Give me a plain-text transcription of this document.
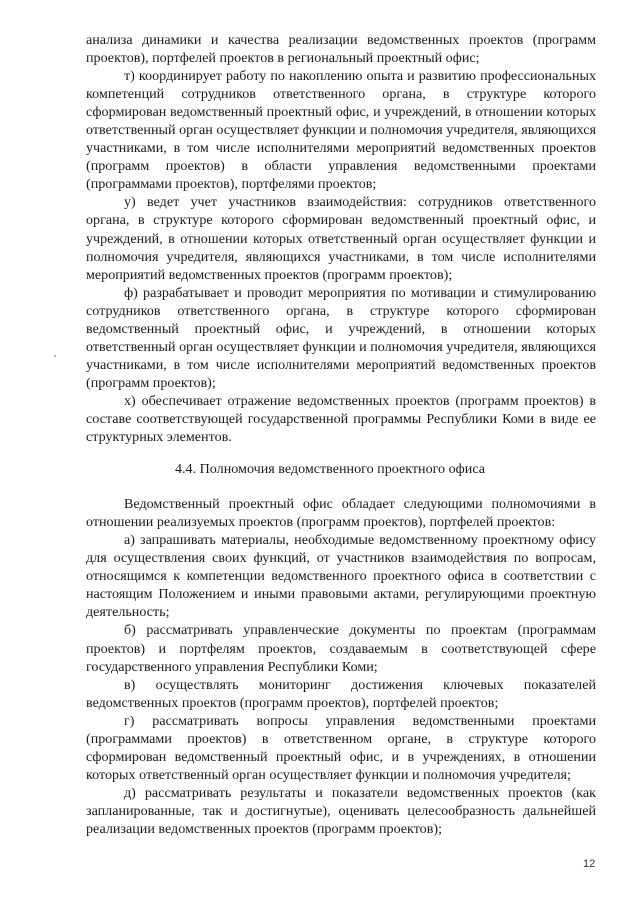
анализа динамики и качества реализации ведомственных проектов (программ проектов), портфелей проектов в региональный проектный офис;

т) координирует работу по накоплению опыта и развитию профессиональных компетенций сотрудников ответственного органа, в структуре которого сформирован ведомственный проектный офис, и учреждений, в отношении которых ответственный орган осуществляет функции и полномочия учредителя, являющихся участниками, в том числе исполнителями мероприятий ведомственных проектов (программ проектов) в области управления ведомственными проектами (программами проектов), портфелями проектов;

у) ведет учет участников взаимодействия: сотрудников ответственного органа, в структуре которого сформирован ведомственный проектный офис, и учреждений, в отношении которых ответственный орган осуществляет функции и полномочия учредителя, являющихся участниками, в том числе исполнителями мероприятий ведомственных проектов (программ проектов);

ф) разрабатывает и проводит мероприятия по мотивации и стимулированию сотрудников ответственного органа, в структуре которого сформирован ведомственный проектный офис, и учреждений, в отношении которых ответственный орган осуществляет функции и полномочия учредителя, являющихся участниками, в том числе исполнителями мероприятий ведомственных проектов (программ проектов);

х) обеспечивает отражение ведомственных проектов (программ проектов) в составе соответствующей государственной программы Республики Коми в виде ее структурных элементов.

4.4. Полномочия ведомственного проектного офиса

Ведомственный проектный офис обладает следующими полномочиями в отношении реализуемых проектов (программ проектов), портфелей проектов:

а) запрашивать материалы, необходимые ведомственному проектному офису для осуществления своих функций, от участников взаимодействия по вопросам, относящимся к компетенции ведомственного проектного офиса в соответствии с настоящим Положением и иными правовыми актами, регулирующими проектную деятельность;

б) рассматривать управленческие документы по проектам (программам проектов) и портфелям проектов, создаваемым в соответствующей сфере государственного управления Республики Коми;

в) осуществлять мониторинг достижения ключевых показателей ведомственных проектов (программ проектов), портфелей проектов;

г) рассматривать вопросы управления ведомственными проектами (программами проектов) в ответственном органе, в структуре которого сформирован ведомственный проектный офис, и в учреждениях, в отношении которых ответственный орган осуществляет функции и полномочия учредителя;

д) рассматривать результаты и показатели ведомственных проектов (как запланированные, так и достигнутые), оценивать целесообразность дальнейшей реализации ведомственных проектов (программ проектов);

12
